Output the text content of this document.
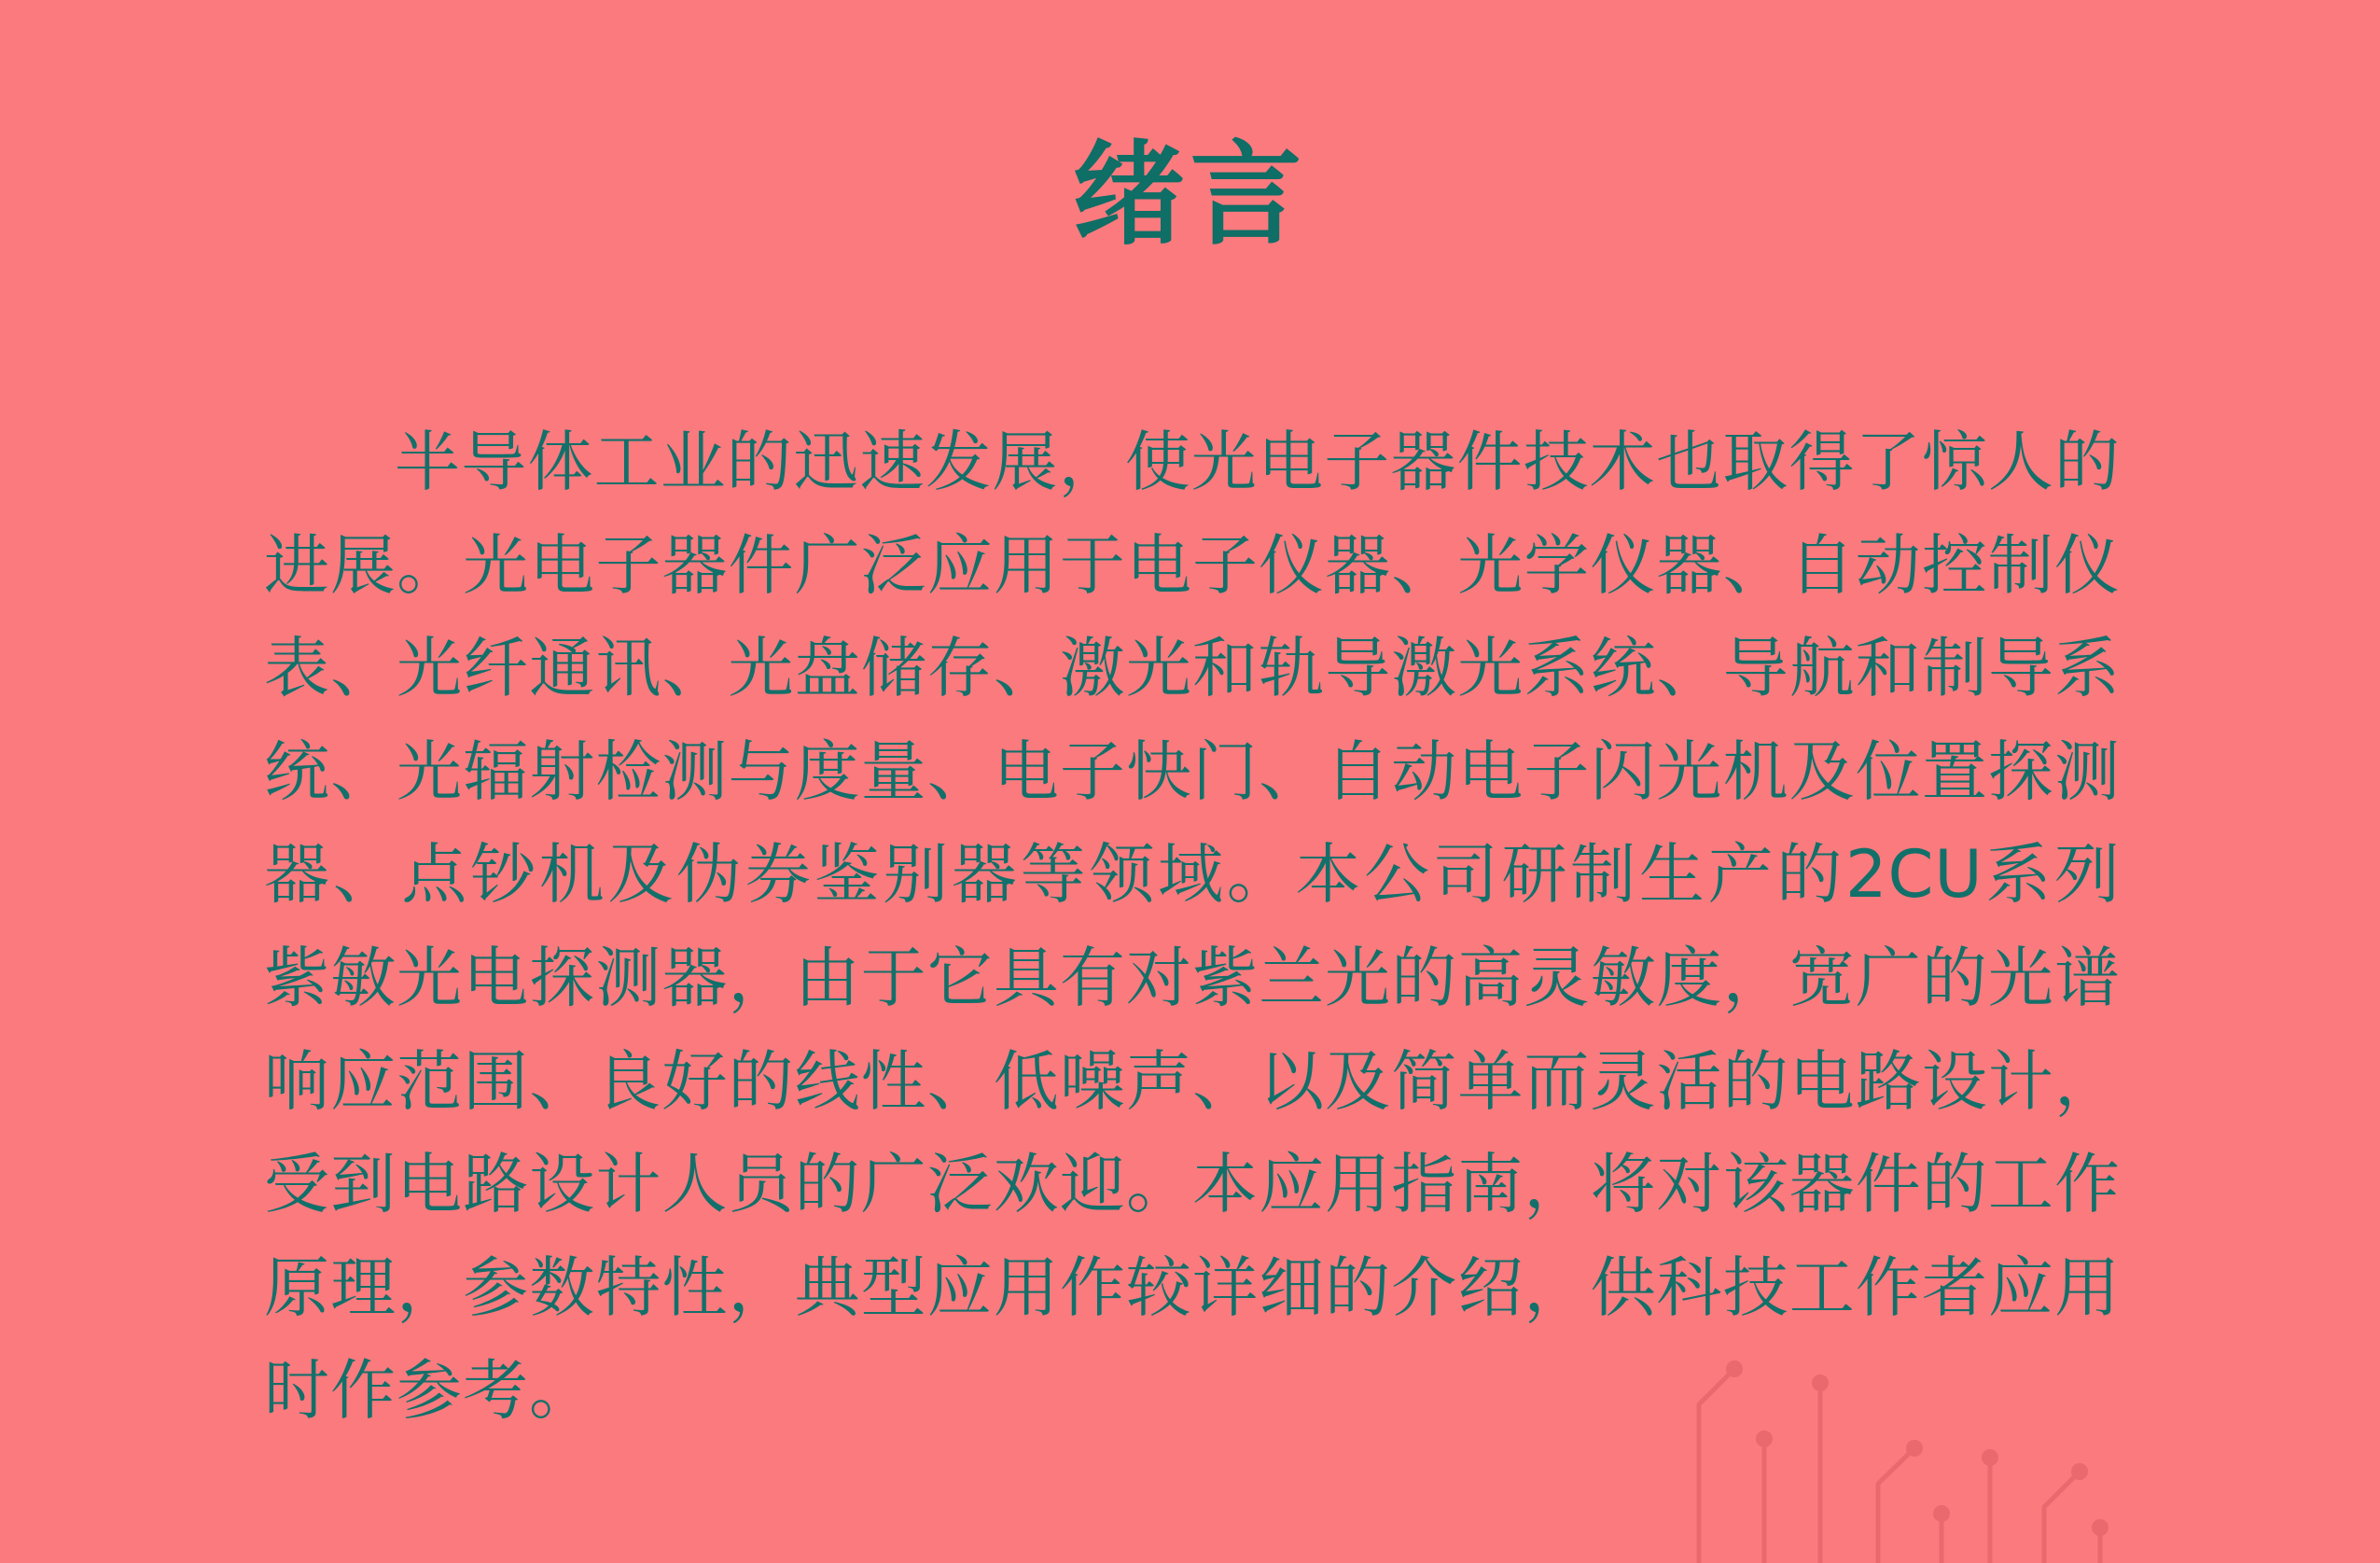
绪言

半导体工业的迅速发展，使光电子器件技术也取得了惊人的进展。光电子器件广泛应用于电子仪器、光学仪器、自动控制仪表、光纤通讯、光盘储存、激光和轨导激光系统、导航和制导系统、光辐射检测与度量、电子快门、自动电子闪光机及位置探测器、点钞机及伪券鉴别器等领域。本公司研制生产的2CU系列紫敏光电探测器，由于它具有对紫兰光的高灵敏度，宽广的光谱响应范围、良好的线性、低噪声、以及简单而灵活的电路设计，受到电路设计人员的广泛欢迎。本应用指南，将对该器件的工作原理，参数特性，典型应用作较详细的介绍，供科技工作者应用时作参考。
